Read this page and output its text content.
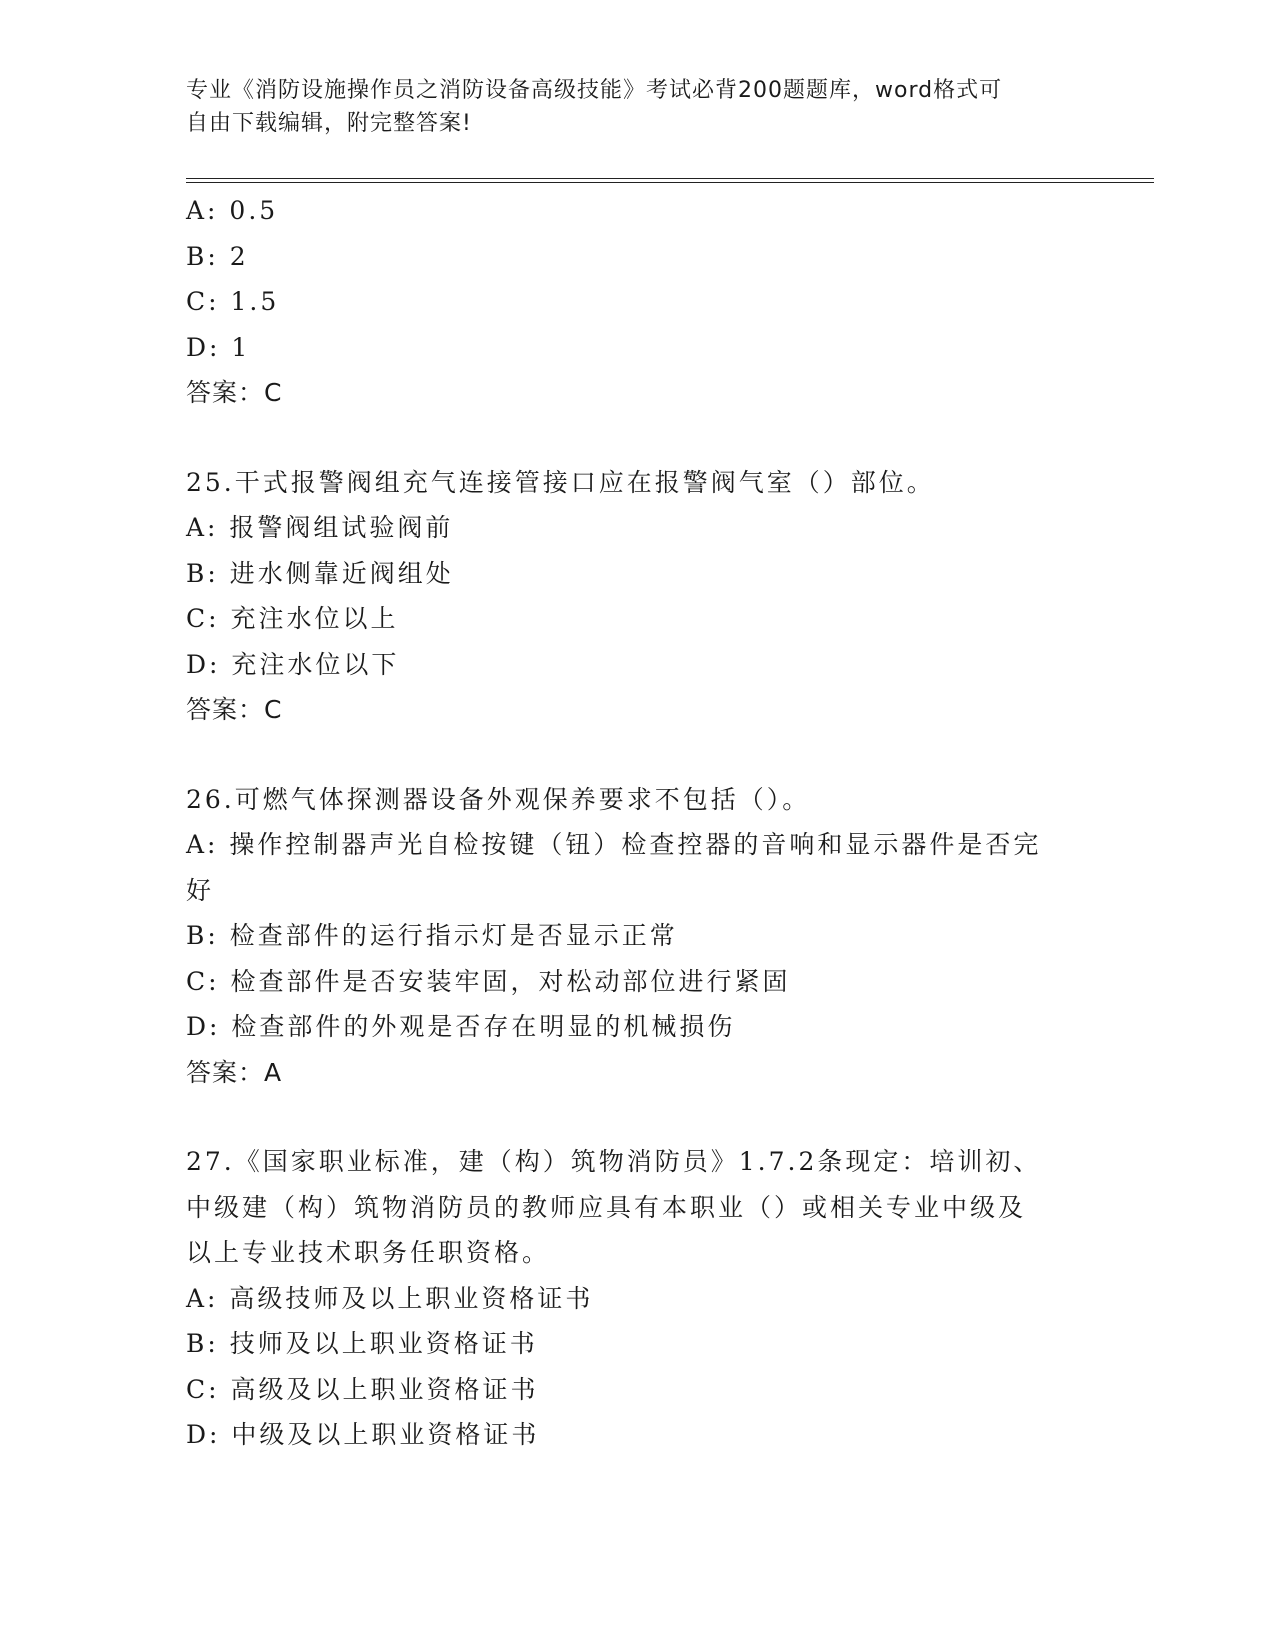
专业《消防设施操作员之消防设备高级技能》考试必背200题题库，word格式可
自由下载编辑，附完整答案!
A: 0.5
B: 2
C: 1.5
D: 1
答案：C
25.干式报警阀组充气连接管接口应在报警阀气室（）部位。
A: 报警阀组试验阀前
B: 进水侧靠近阀组处
C: 充注水位以上
D: 充注水位以下
答案：C
26.可燃气体探测器设备外观保养要求不包括（）。
A: 操作控制器声光自检按键（钮）检查控器的音响和显示器件是否完
好
B: 检查部件的运行指示灯是否显示正常
C: 检查部件是否安装牢固，对松动部位进行紧固
D: 检查部件的外观是否存在明显的机械损伤
答案：A
27.《国家职业标准，建（构）筑物消防员》1.7.2条现定：培训初、
中级建（构）筑物消防员的教师应具有本职业（）或相关专业中级及
以上专业技术职务任职资格。
A: 高级技师及以上职业资格证书
B: 技师及以上职业资格证书
C: 高级及以上职业资格证书
D: 中级及以上职业资格证书
